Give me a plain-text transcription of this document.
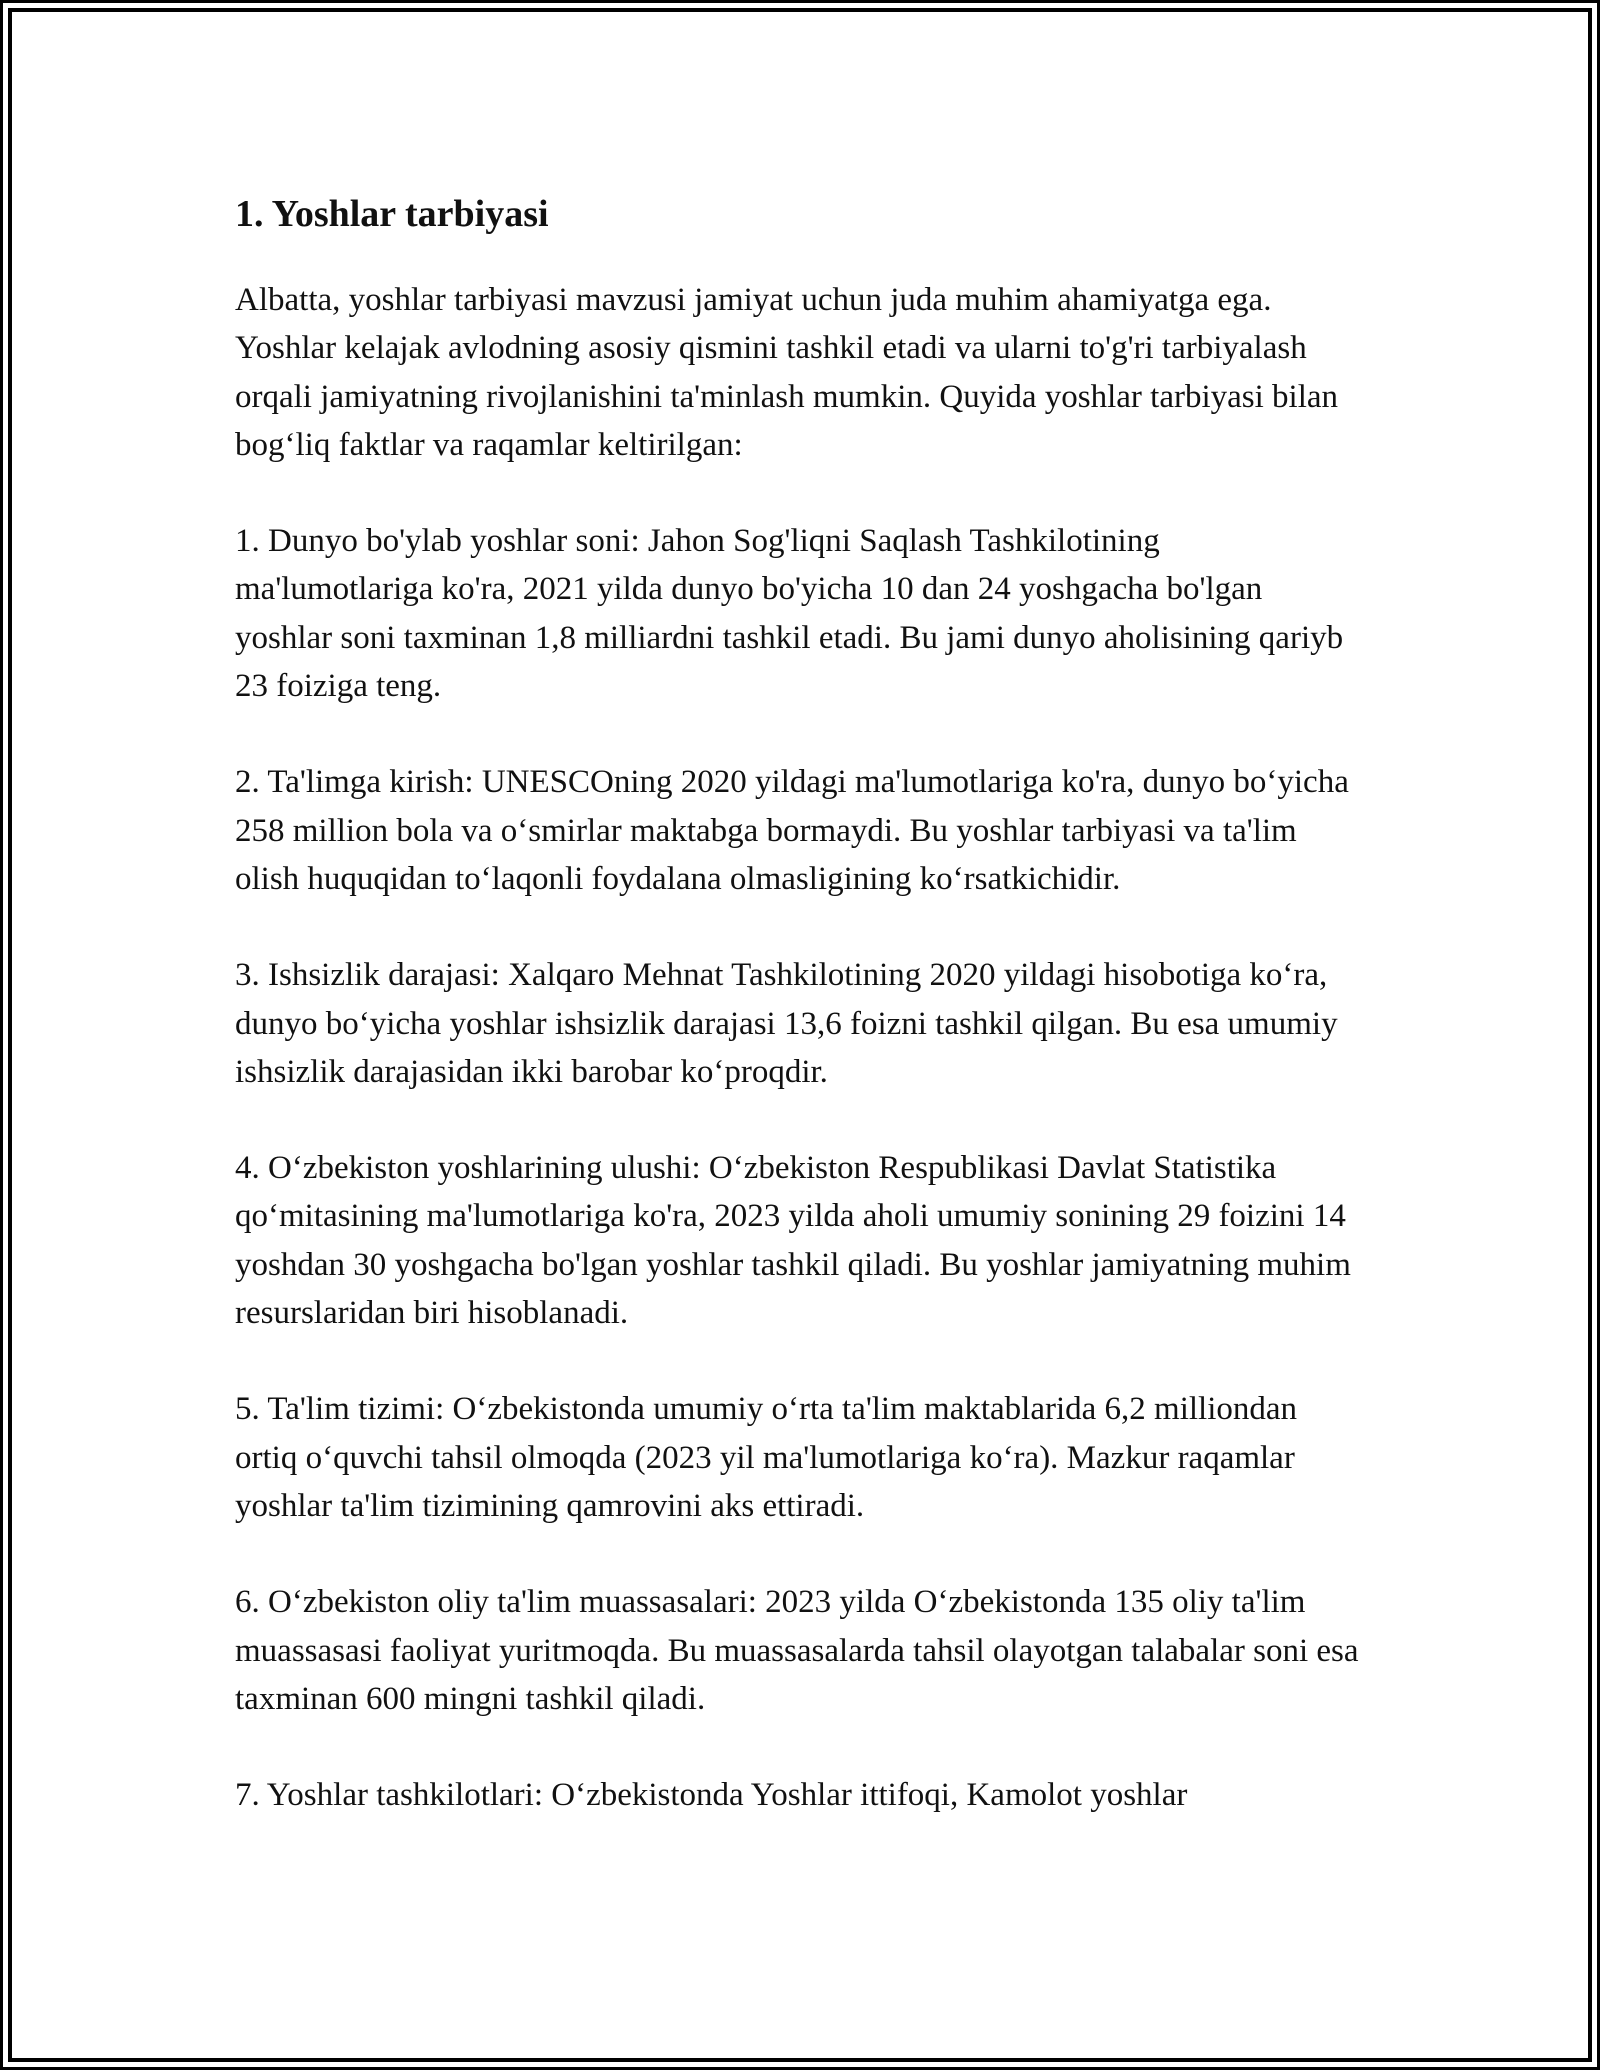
1. Yoshlar tarbiyasi

Albatta, yoshlar tarbiyasi mavzusi jamiyat uchun juda muhim ahamiyatga ega. Yoshlar kelajak avlodning asosiy qismini tashkil etadi va ularni to'g'ri tarbiyalash orqali jamiyatning rivojlanishini ta'minlash mumkin. Quyida yoshlar tarbiyasi bilan bog‘liq faktlar va raqamlar keltirilgan:

1. Dunyo bo'ylab yoshlar soni: Jahon Sog'liqni Saqlash Tashkilotining ma'lumotlariga ko'ra, 2021 yilda dunyo bo'yicha 10 dan 24 yoshgacha bo'lgan yoshlar soni taxminan 1,8 milliardni tashkil etadi. Bu jami dunyo aholisining qariyb 23 foiziga teng.

2. Ta'limga kirish: UNESCOning 2020 yildagi ma'lumotlariga ko'ra, dunyo bo‘yicha 258 million bola va o‘smirlar maktabga bormaydi. Bu yoshlar tarbiyasi va ta'lim olish huquqidan to‘laqonli foydalana olmasligining ko‘rsatkichidir.

3. Ishsizlik darajasi: Xalqaro Mehnat Tashkilotining 2020 yildagi hisobotiga ko‘ra, dunyo bo‘yicha yoshlar ishsizlik darajasi 13,6 foizni tashkil qilgan. Bu esa umumiy ishsizlik darajasidan ikki barobar ko‘proqdir.

4. O‘zbekiston yoshlarining ulushi: O‘zbekiston Respublikasi Davlat Statistika qo‘mitasining ma'lumotlariga ko'ra, 2023 yilda aholi umumiy sonining 29 foizini 14 yoshdan 30 yoshgacha bo'lgan yoshlar tashkil qiladi. Bu yoshlar jamiyatning muhim resurslaridan biri hisoblanadi.

5. Ta'lim tizimi: O‘zbekistonda umumiy o‘rta ta'lim maktablarida 6,2 milliondan ortiq o‘quvchi tahsil olmoqda (2023 yil ma'lumotlariga ko‘ra). Mazkur raqamlar yoshlar ta'lim tizimining qamrovini aks ettiradi.

6. O‘zbekiston oliy ta'lim muassasalari: 2023 yilda O‘zbekistonda 135 oliy ta'lim muassasasi faoliyat yuritmoqda. Bu muassasalarda tahsil olayotgan talabalar soni esa taxminan 600 mingni tashkil qiladi.

7. Yoshlar tashkilotlari: O‘zbekistonda Yoshlar ittifoqi, Kamolot yoshlar
